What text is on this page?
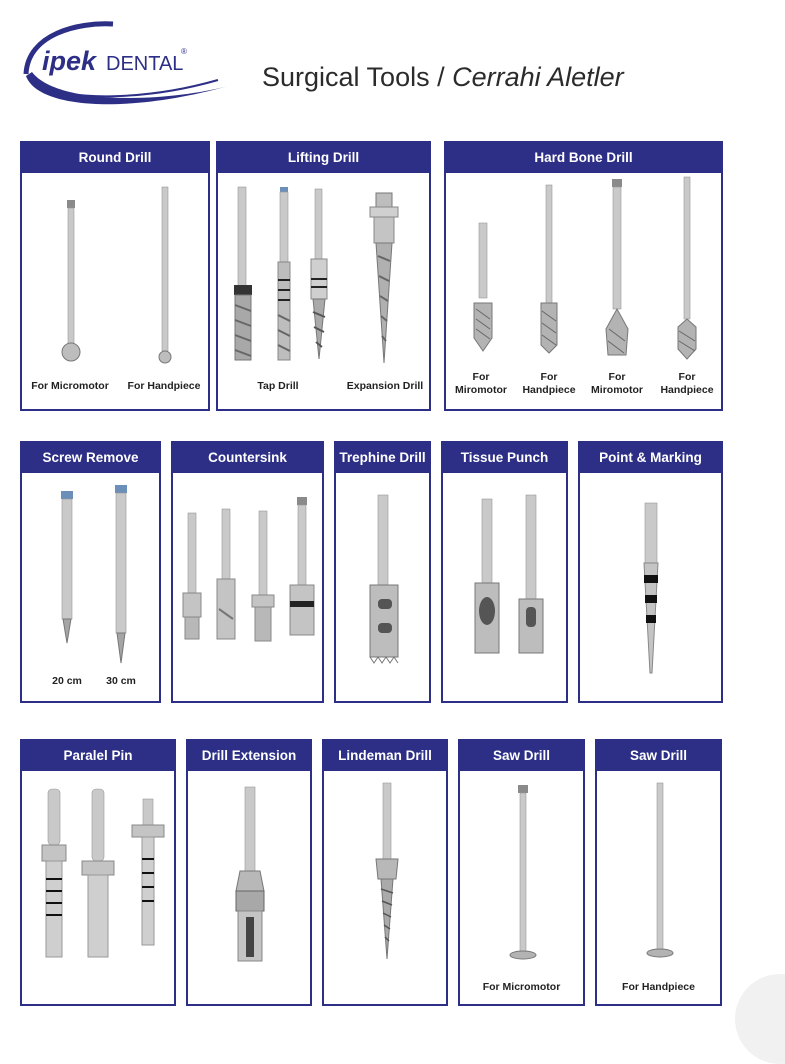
ipek DENTAL
®
Surgical Tools / Cerrahi Aletler
Round Drill
For Micromotor	For Handpiece
Lifting Drill
Tap Drill	Expansion Drill
Hard Bone Drill
For
Miromotor
For
Handpiece
For
Miromotor
For
Handpiece
Screw Remove
20 cm	30 cm
Countersink	Trephine Drill	Tissue Punch	Point & Marking
Paralel Pin	Drill Extension	Lindeman Drill	Saw Drill
For Micromotor
Saw Drill
For Handpiece
